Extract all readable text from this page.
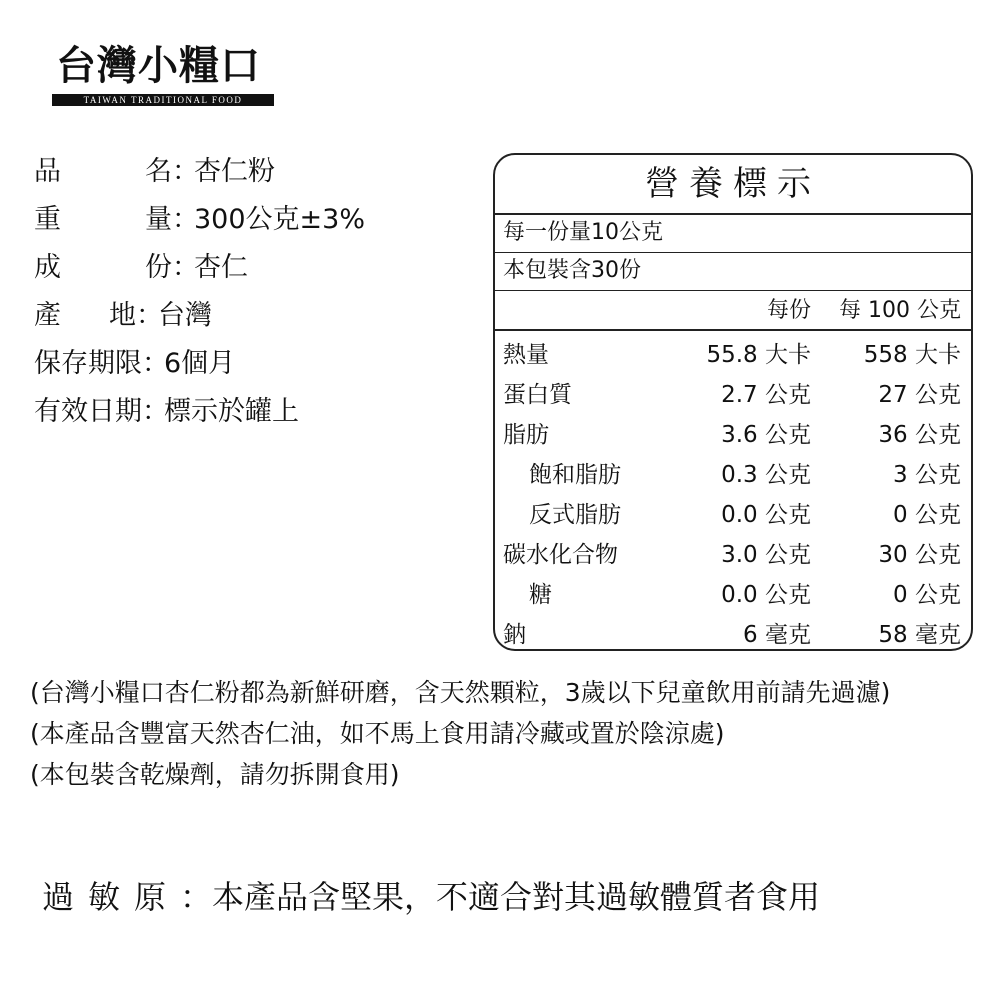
台灣小糧口
TAIWAN TRADITIONAL FOOD
品	名 ：
杏仁粉
重	量 ：
300公克±3%
成	份 ：
杏仁
產 地 ：
台灣
保存期限 ：
6個月
有效日期 ：
標示於罐上
營養標示
每一份量10公克
本包裝含30份
每份	每 100 公克
熱量	55.8 大卡	558 大卡
蛋白質	2.7 公克	27 公克
脂肪	3.6 公克	36 公克
飽和脂肪	0.3 公克	3 公克
反式脂肪	0.0 公克	0 公克
碳水化合物	3.0 公克	30 公克
糖	0.0 公克	0 公克
鈉	6 毫克	58 毫克
(台灣小糧口杏仁粉都為新鮮研磨，含天然顆粒，3歲以下兒童飲用前請先過濾)
(本產品含豐富天然杏仁油，如不馬上食用請冷藏或置於陰涼處)
(本包裝含乾燥劑，請勿拆開食用)
過敏原：本產品含堅果，不適合對其過敏體質者食用
